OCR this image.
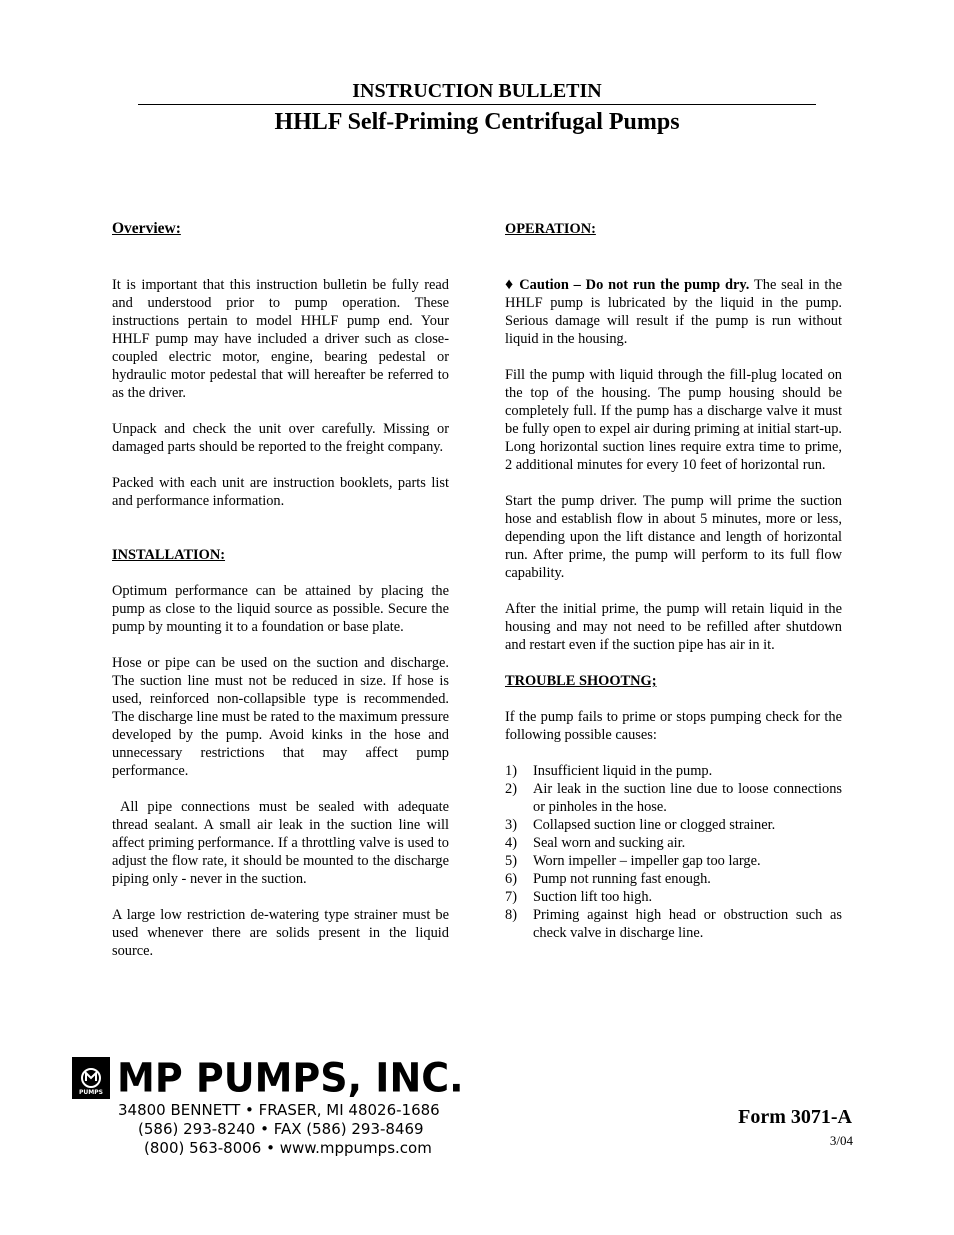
INSTRUCTION BULLETIN
HHLF Self-Priming Centrifugal Pumps
Overview:

It is important that this instruction bulletin be fully read and understood prior to pump operation. These instructions pertain to model HHLF pump end. Your HHLF pump may have included a driver such as close-coupled electric motor, engine, bearing pedestal or hydraulic motor pedestal that will hereafter be referred to as the driver.

Unpack and check the unit over carefully. Missing or damaged parts should be reported to the freight company.

Packed with each unit are instruction booklets, parts list and performance information.

INSTALLATION:

Optimum performance can be attained by placing the pump as close to the liquid source as possible. Secure the pump by mounting it to a foundation or base plate.

Hose or pipe can be used on the suction and discharge. The suction line must not be reduced in size. If hose is used, reinforced non-collapsible type is recommended. The discharge line must be rated to the maximum pressure developed by the pump. Avoid kinks in the hose and unnecessary restrictions that may affect pump performance.

All pipe connections must be sealed with adequate thread sealant. A small air leak in the suction line will affect priming performance. If a throttling valve is used to adjust the flow rate, it should be mounted to the discharge piping only - never in the suction.

A large low restriction de-watering type strainer must be used whenever there are solids present in the liquid source.

OPERATION:

♦ Caution – Do not run the pump dry. The seal in the HHLF pump is lubricated by the liquid in the pump. Serious damage will result if the pump is run without liquid in the housing.

Fill the pump with liquid through the fill-plug located on the top of the housing. The pump housing should be completely full. If the pump has a discharge valve it must be fully open to expel air during priming at initial start-up. Long horizontal suction lines require extra time to prime, 2 additional minutes for every 10 feet of horizontal run.

Start the pump driver. The pump will prime the suction hose and establish flow in about 5 minutes, more or less, depending upon the lift distance and length of horizontal run. After prime, the pump will perform to its full flow capability.

After the initial prime, the pump will retain liquid in the housing and may not need to be refilled after shutdown and restart even if the suction pipe has air in it.

TROUBLE SHOOTNG;

If the pump fails to prime or stops pumping check for the following possible causes:

1)	Insufficient liquid in the pump.
2)	Air leak in the suction line due to loose connections or pinholes in the hose.
3)	Collapsed suction line or clogged strainer.
4)	Seal worn and sucking air.
5)	Worn impeller – impeller gap too large.
6)	Pump not running fast enough.
7)	Suction lift too high.
8)	Priming against high head or obstruction such as check valve in discharge line.
PUMPS MP PUMPS, INC.
34800 BENNETT • FRASER, MI 48026-1686
(586) 293-8240 • FAX (586) 293-8469
(800) 563-8006 • www.mppumps.com
Form 3071-A
3/04
